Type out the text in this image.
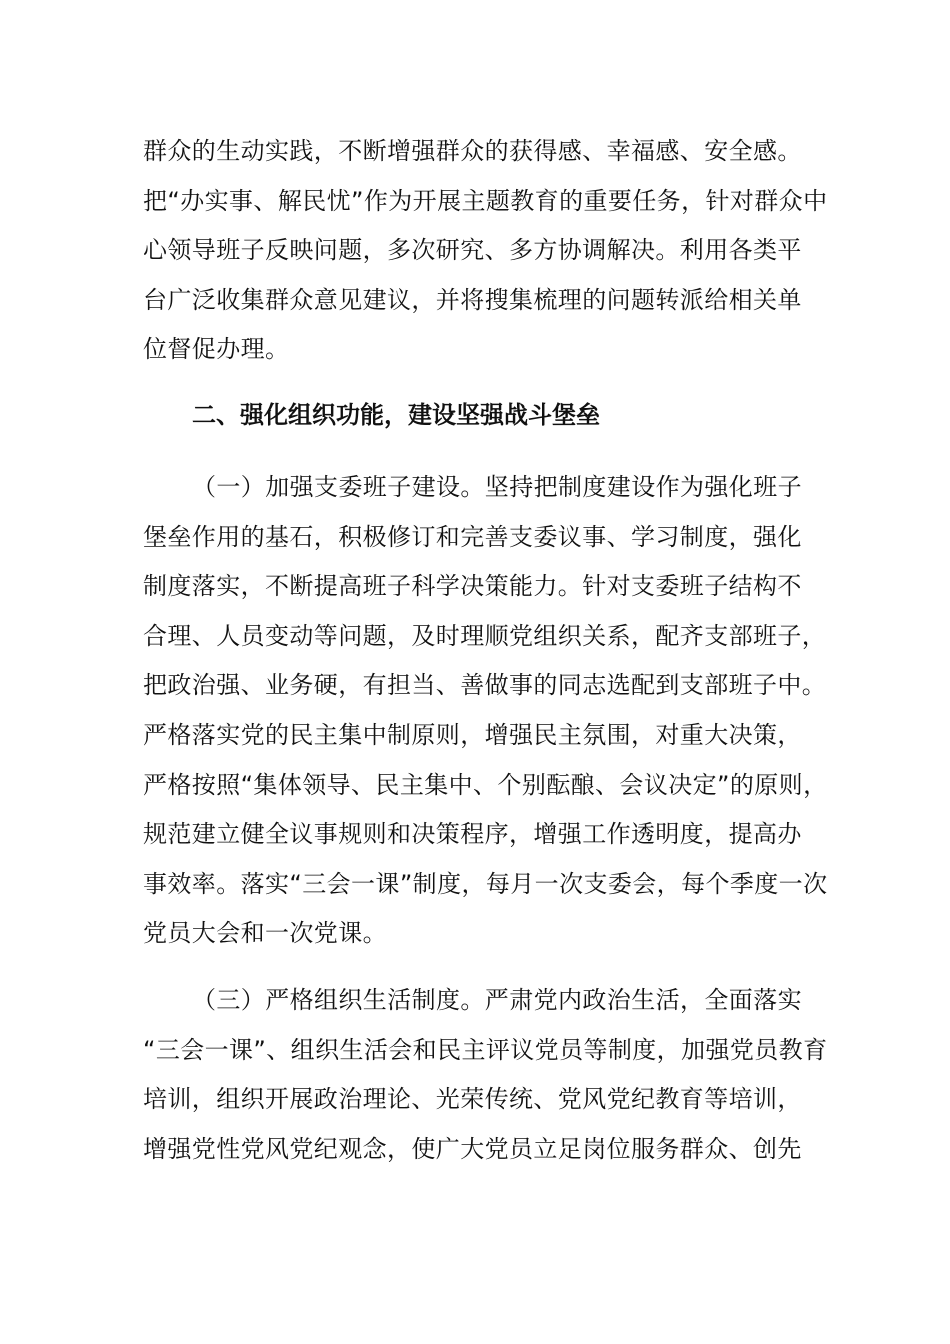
群众的生动实践，不断增强群众的获得感、幸福感、安全感。
把“办实事、解民忧”作为开展主题教育的重要任务，针对群众中
心领导班子反映问题，多次研究、多方协调解决。利用各类平
台广泛收集群众意见建议，并将搜集梳理的问题转派给相关单
位督促办理。
二、强化组织功能，建设坚强战斗堡垒
（一）加强支委班子建设。坚持把制度建设作为强化班子
堡垒作用的基石，积极修订和完善支委议事、学习制度，强化
制度落实，不断提高班子科学决策能力。针对支委班子结构不
合理、人员变动等问题，及时理顺党组织关系，配齐支部班子，
把政治强、业务硬，有担当、善做事的同志选配到支部班子中。
严格落实党的民主集中制原则，增强民主氛围，对重大决策，
严格按照“集体领导、民主集中、个别酝酿、会议决定”的原则，
规范建立健全议事规则和决策程序，增强工作透明度，提高办
事效率。落实“三会一课”制度，每月一次支委会，每个季度一次
党员大会和一次党课。
（三）严格组织生活制度。严肃党内政治生活，全面落实
“三会一课”、组织生活会和民主评议党员等制度，加强党员教育
培训，组织开展政治理论、光荣传统、党风党纪教育等培训，
增强党性党风党纪观念，使广大党员立足岗位服务群众、创先
